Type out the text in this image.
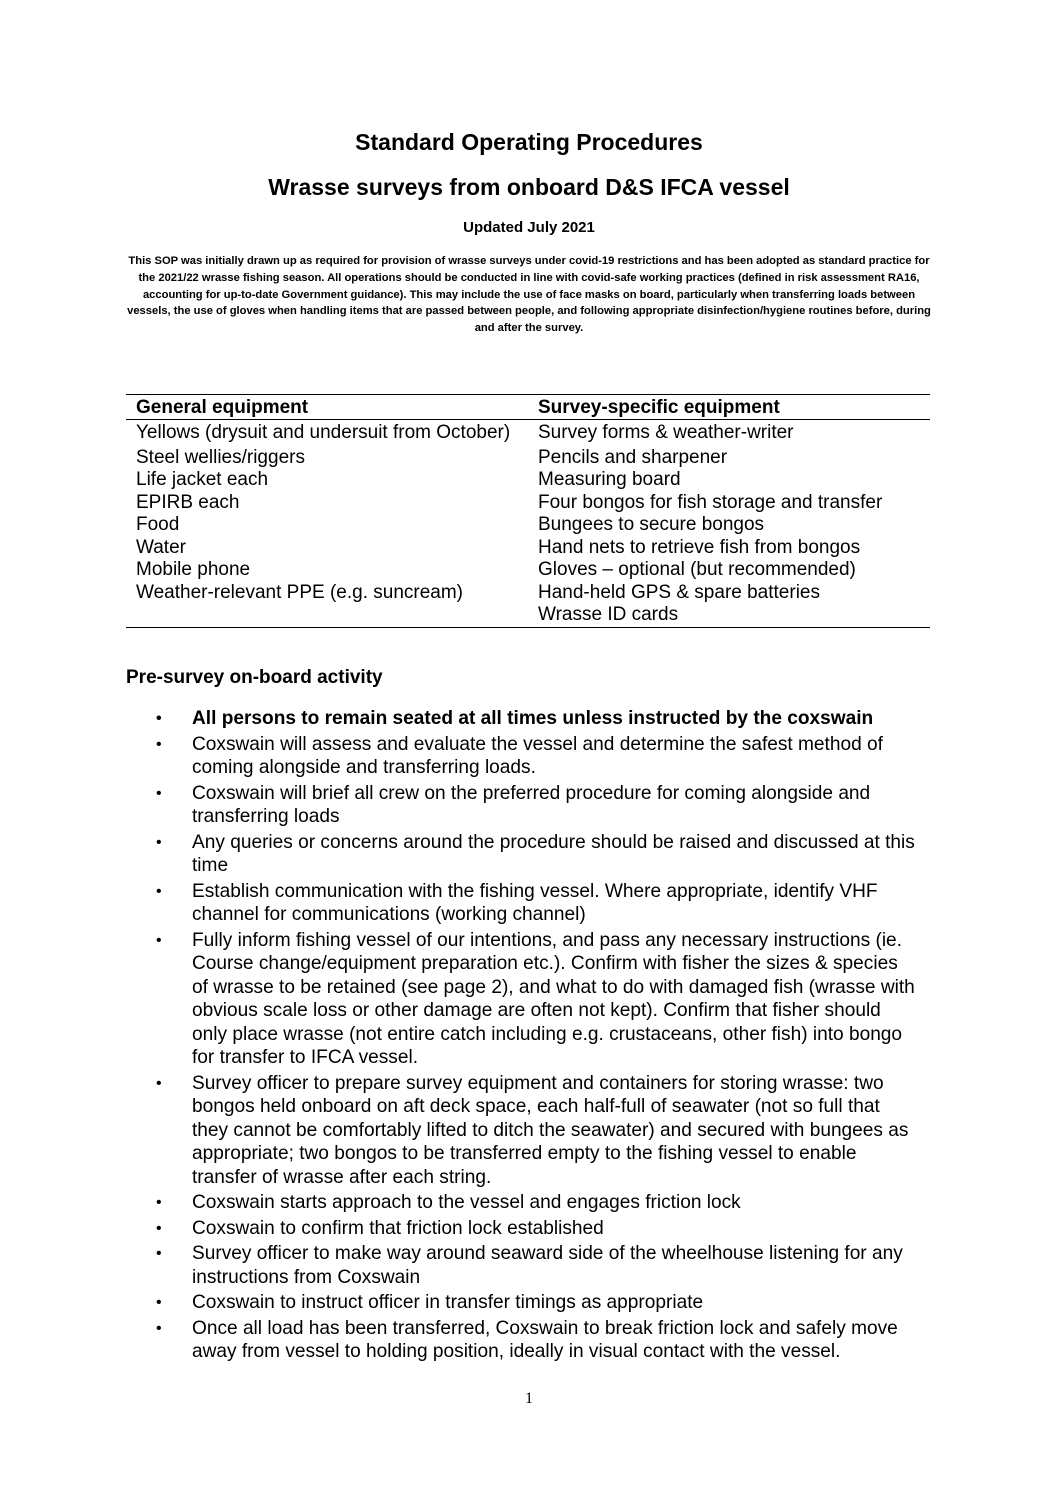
Standard Operating Procedures
Wrasse surveys from onboard D&S IFCA vessel

Updated July 2021

This SOP was initially drawn up as required for provision of wrasse surveys under covid-19 restrictions and has been adopted as standard practice for the 2021/22 wrasse fishing season. All operations should be conducted in line with covid-safe working practices (defined in risk assessment RA16, accounting for up-to-date Government guidance). This may include the use of face masks on board, particularly when transferring loads between vessels, the use of gloves when handling items that are passed between people, and following appropriate disinfection/hygiene routines before, during and after the survey.

General equipment	Survey-specific equipment
Yellows (drysuit and undersuit from October)	Survey forms & weather-writer
Steel wellies/riggers	Pencils and sharpener
Life jacket each	Measuring board
EPIRB each	Four bongos for fish storage and transfer
Food	Bungees to secure bongos
Water	Hand nets to retrieve fish from bongos
Mobile phone	Gloves – optional (but recommended)
Weather-relevant PPE (e.g. suncream)	Hand-held GPS & spare batteries
	Wrasse ID cards
Pre-survey on-board activity
• All persons to remain seated at all times unless instructed by the coxswain
• Coxswain will assess and evaluate the vessel and determine the safest method of coming alongside and transferring loads.
• Coxswain will brief all crew on the preferred procedure for coming alongside and transferring loads
• Any queries or concerns around the procedure should be raised and discussed at this time
• Establish communication with the fishing vessel. Where appropriate, identify VHF channel for communications (working channel)
• Fully inform fishing vessel of our intentions, and pass any necessary instructions (ie. Course change/equipment preparation etc.). Confirm with fisher the sizes & species of wrasse to be retained (see page 2), and what to do with damaged fish (wrasse with obvious scale loss or other damage are often not kept). Confirm that fisher should only place wrasse (not entire catch including e.g. crustaceans, other fish) into bongo for transfer to IFCA vessel.
• Survey officer to prepare survey equipment and containers for storing wrasse: two bongos held onboard on aft deck space, each half-full of seawater (not so full that they cannot be comfortably lifted to ditch the seawater) and secured with bungees as appropriate; two bongos to be transferred empty to the fishing vessel to enable transfer of wrasse after each string.
• Coxswain starts approach to the vessel and engages friction lock
• Coxswain to confirm that friction lock established
• Survey officer to make way around seaward side of the wheelhouse listening for any instructions from Coxswain
• Coxswain to instruct officer in transfer timings as appropriate
• Once all load has been transferred, Coxswain to break friction lock and safely move away from vessel to holding position, ideally in visual contact with the vessel.

1
